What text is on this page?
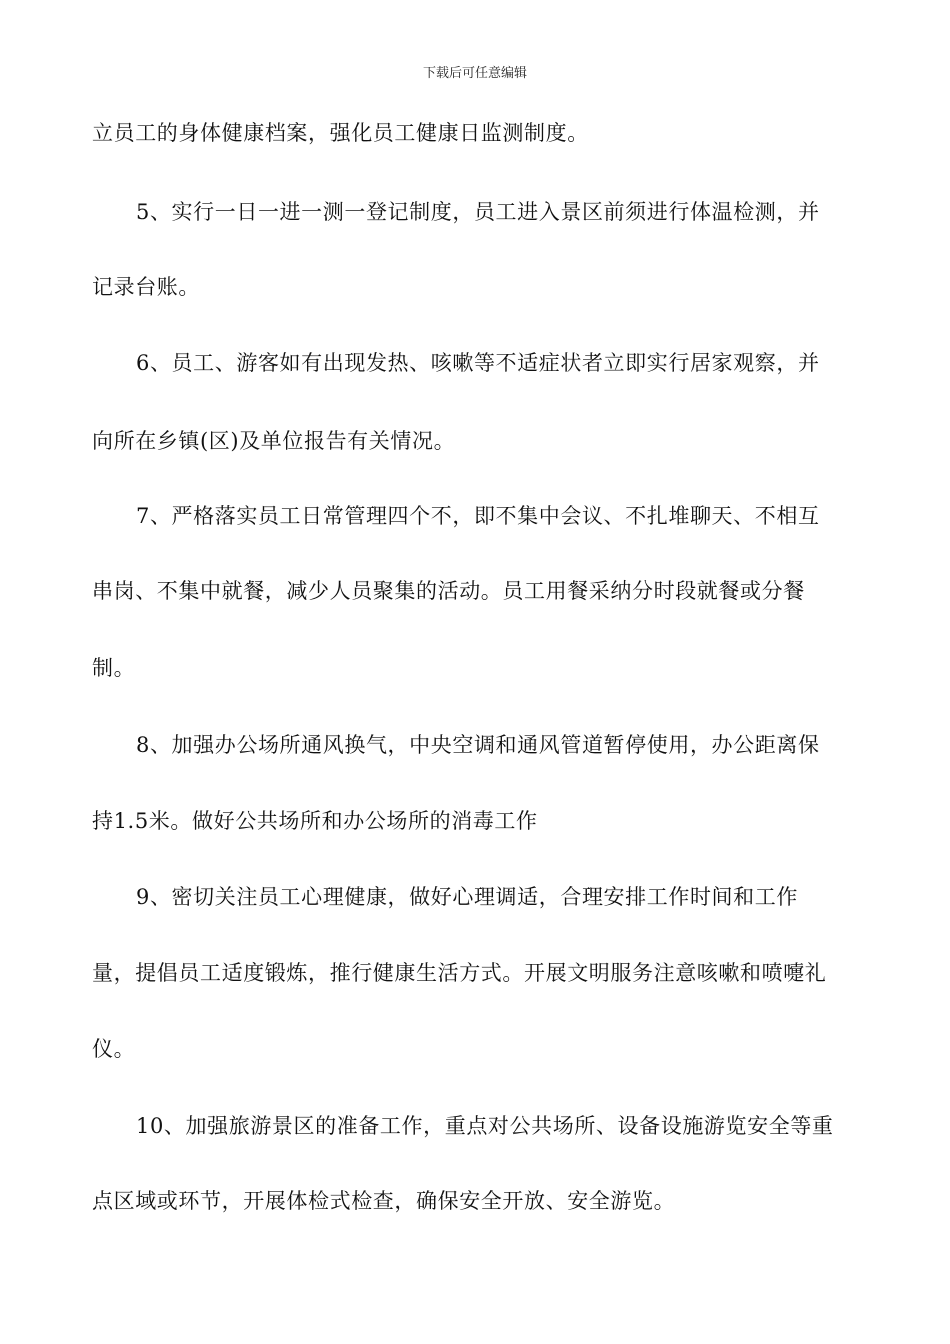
下载后可任意编辑
立员工的身体健康档案，强化员工健康日监测制度。
5、实行一日一进一测一登记制度，员工进入景区前须进行体温检测，并
记录台账。
6、员工、游客如有出现发热、咳嗽等不适症状者立即实行居家观察，并
向所在乡镇(区)及单位报告有关情况。
7、严格落实员工日常管理四个不，即不集中会议、不扎堆聊天、不相互
串岗、不集中就餐，减少人员聚集的活动。员工用餐采纳分时段就餐或分餐
制。
8、加强办公场所通风换气，中央空调和通风管道暂停使用，办公距离保
持1.5米。做好公共场所和办公场所的消毒工作
9、密切关注员工心理健康，做好心理调适，合理安排工作时间和工作
量，提倡员工适度锻炼，推行健康生活方式。开展文明服务注意咳嗽和喷嚏礼
仪。
10、加强旅游景区的准备工作，重点对公共场所、设备设施游览安全等重
点区域或环节，开展体检式检查，确保安全开放、安全游览。
